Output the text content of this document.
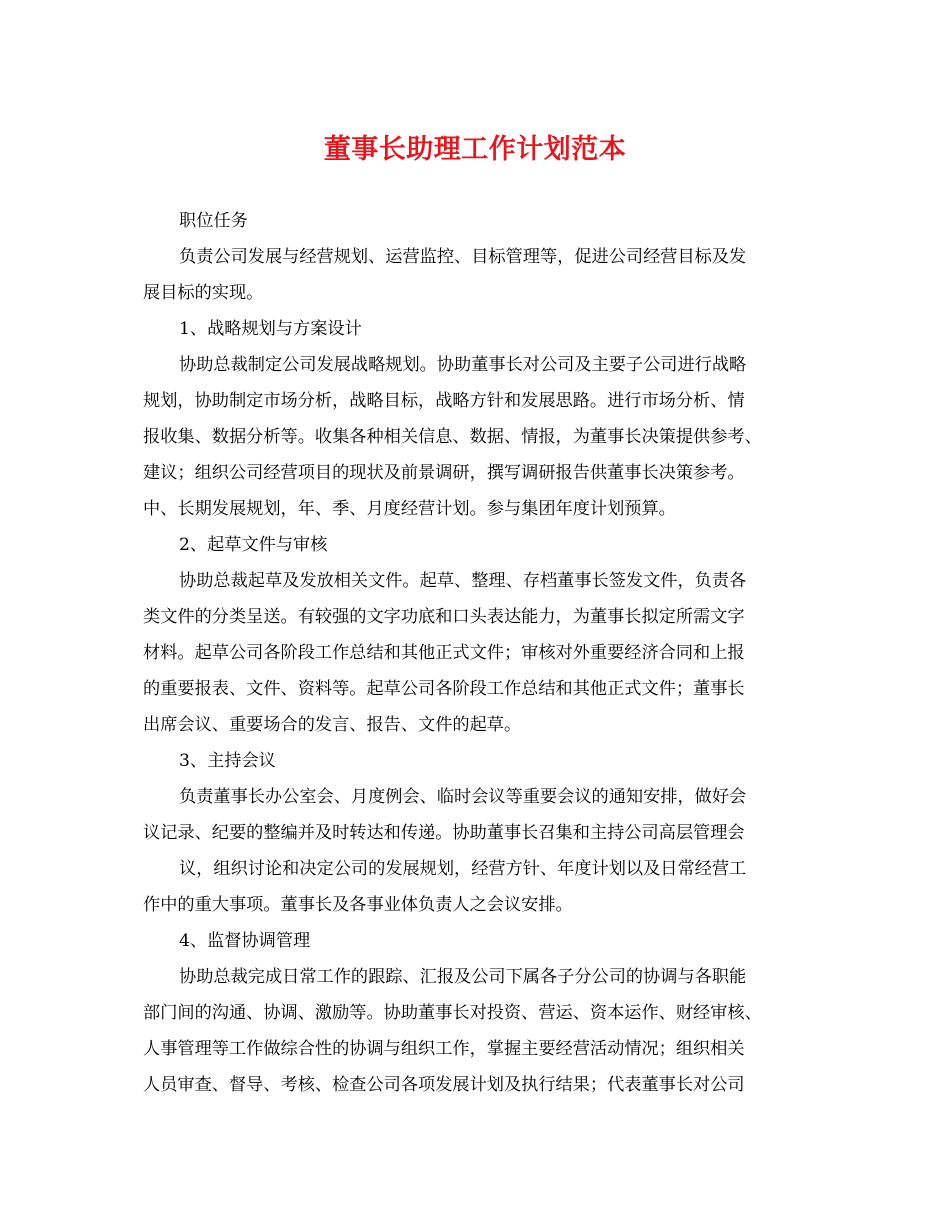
董事长助理工作计划范本

职位任务

负责公司发展与经营规划、运营监控、目标管理等，促进公司经营目标及发

展目标的实现。

1、战略规划与方案设计

协助总裁制定公司发展战略规划。协助董事长对公司及主要子公司进行战略

规划，协助制定市场分析，战略目标，战略方针和发展思路。进行市场分析、情

报收集、数据分析等。收集各种相关信息、数据、情报，为董事长决策提供参考、

建议；组织公司经营项目的现状及前景调研，撰写调研报告供董事长决策参考。

中、长期发展规划，年、季、月度经营计划。参与集团年度计划预算。

2、起草文件与审核

协助总裁起草及发放相关文件。起草、整理、存档董事长签发文件，负责各

类文件的分类呈送。有较强的文字功底和口头表达能力，为董事长拟定所需文字

材料。起草公司各阶段工作总结和其他正式文件；审核对外重要经济合同和上报

的重要报表、文件、资料等。起草公司各阶段工作总结和其他正式文件；董事长

出席会议、重要场合的发言、报告、文件的起草。

3、主持会议

负责董事长办公室会、月度例会、临时会议等重要会议的通知安排，做好会

议记录、纪要的整编并及时转达和传递。协助董事长召集和主持公司高层管理会

议，组织讨论和决定公司的发展规划，经营方针、年度计划以及日常经营工

作中的重大事项。董事长及各事业体负责人之会议安排。

4、监督协调管理

协助总裁完成日常工作的跟踪、汇报及公司下属各子分公司的协调与各职能

部门间的沟通、协调、激励等。协助董事长对投资、营运、资本运作、财经审核、

人事管理等工作做综合性的协调与组织工作，掌握主要经营活动情况；组织相关

人员审查、督导、考核、检查公司各项发展计划及执行结果；代表董事长对公司
